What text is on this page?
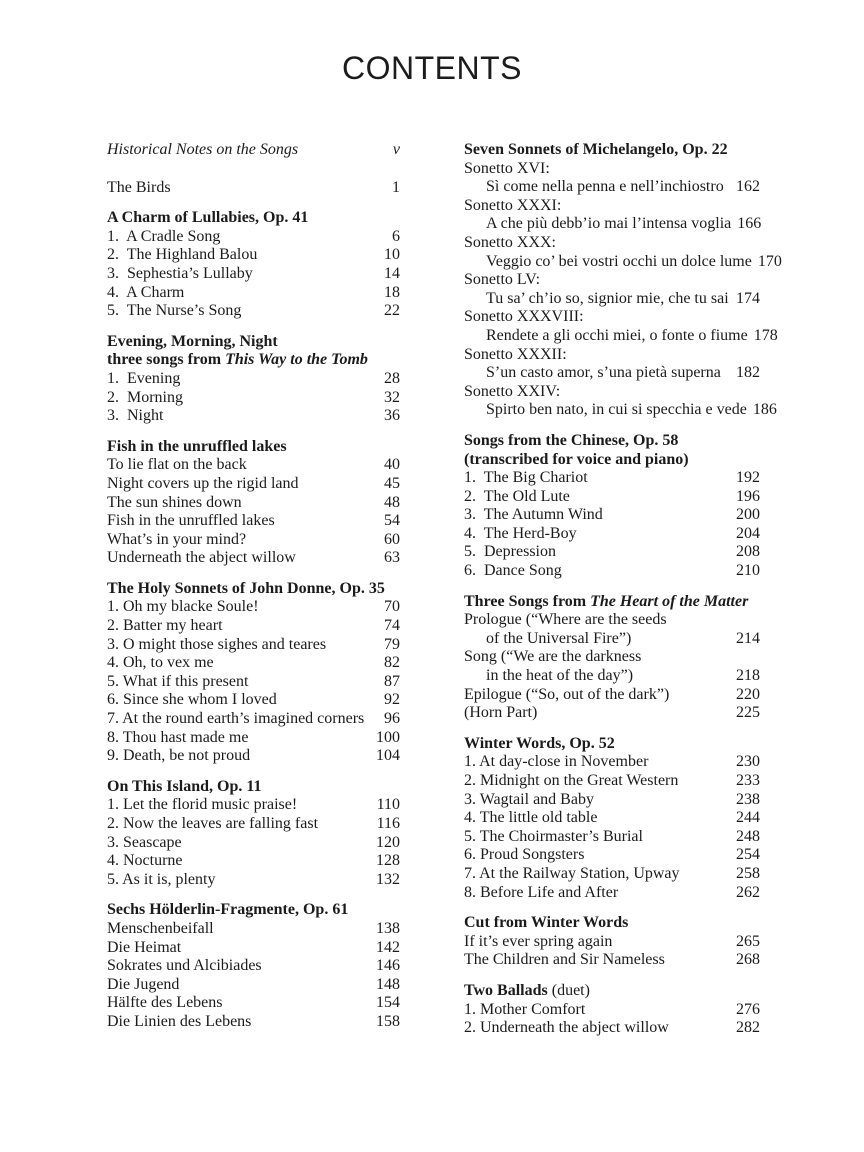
CONTENTS
Historical Notes on the Songs	v
The Birds	1
A Charm of Lullabies, Op. 41
1.  A Cradle Song	6
2.  The Highland Balou	10
3.  Sephestia’s Lullaby	14
4.  A Charm	18
5.  The Nurse’s Song	22
Evening, Morning, Night
three songs from This Way to the Tomb
1.  Evening	28
2.  Morning	32
3.  Night	36
Fish in the unruffled lakes
To lie flat on the back	40
Night covers up the rigid land	45
The sun shines down	48
Fish in the unruffled lakes	54
What’s in your mind?	60
Underneath the abject willow	63
The Holy Sonnets of John Donne, Op. 35
1. Oh my blacke Soule!	70
2. Batter my heart	74
3. O might those sighes and teares	79
4. Oh, to vex me	82
5. What if this present	87
6. Since she whom I loved	92
7. At the round earth’s imagined corners	96
8. Thou hast made me	100
9. Death, be not proud	104
On This Island, Op. 11
1. Let the florid music praise!	110
2. Now the leaves are falling fast	116
3. Seascape	120
4. Nocturne	128
5. As it is, plenty	132
Sechs Hölderlin-Fragmente, Op. 61
Menschenbeifall	138
Die Heimat	142
Sokrates und Alcibiades	146
Die Jugend	148
Hälfte des Lebens	154
Die Linien des Lebens	158
Seven Sonnets of Michelangelo, Op. 22
Sonetto XVI:
Sì come nella penna e nell’inchiostro 162
Sonetto XXXI:
A che più debb’io mai l’intensa voglia 166
Sonetto XXX:
Veggio co’ bei vostri occhi un dolce lume 170
Sonetto LV:
Tu sa’ ch’io so, signior mie, che tu sai 174
Sonetto XXXVIII:
Rendete a gli occhi miei, o fonte o fiume 178
Sonetto XXXII:
S’un casto amor, s’una pietà superna 182
Sonetto XXIV:
Spirto ben nato, in cui si specchia e vede 186
Songs from the Chinese, Op. 58
(transcribed for voice and piano)
1.  The Big Chariot	192
2.  The Old Lute	196
3.  The Autumn Wind	200
4.  The Herd-Boy	204
5.  Depression	208
6.  Dance Song	210
Three Songs from The Heart of the Matter
Prologue (“Where are the seeds
of the Universal Fire”)	214
Song (“We are the darkness
in the heat of the day”)	218
Epilogue (“So, out of the dark”)	220
(Horn Part)	225
Winter Words, Op. 52
1. At day-close in November	230
2. Midnight on the Great Western	233
3. Wagtail and Baby	238
4. The little old table	244
5. The Choirmaster’s Burial	248
6. Proud Songsters	254
7. At the Railway Station, Upway	258
8. Before Life and After	262
Cut from Winter Words
If it’s ever spring again	265
The Children and Sir Nameless	268
Two Ballads (duet)
1. Mother Comfort	276
2. Underneath the abject willow	282
